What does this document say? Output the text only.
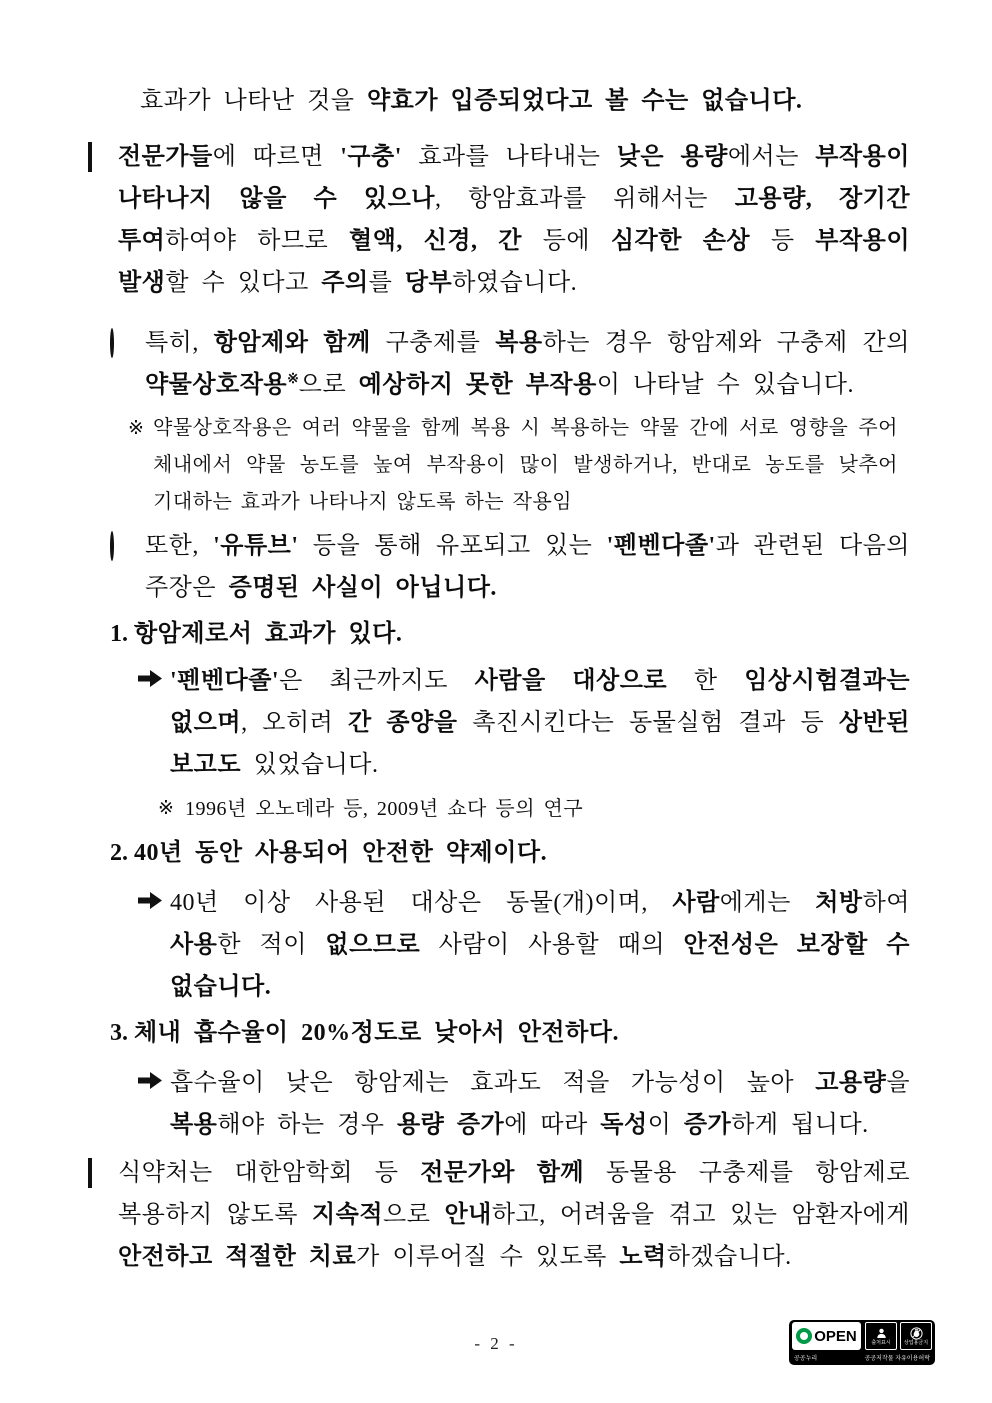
효과가 나타난 것을 약효가 입증되었다고 볼 수는 없습니다.
전문가들에 따르면 '구충' 효과를 나타내는 낮은 용량에서는 부작용이 나타나지 않을 수 있으나, 항암효과를 위해서는 고용량, 장기간 투여하여야 하므로 혈액, 신경, 간 등에 심각한 손상 등 부작용이 발생할 수 있다고 주의를 당부하였습니다.
특히, 항암제와 함께 구충제를 복용하는 경우 항암제와 구충제 간의 약물상호작용※으로 예상하지 못한 부작용이 나타날 수 있습니다.
※ 약물상호작용은 여러 약물을 함께 복용 시 복용하는 약물 간에 서로 영향을 주어 체내에서 약물 농도를 높여 부작용이 많이 발생하거나, 반대로 농도를 낮추어 기대하는 효과가 나타나지 않도록 하는 작용임
또한, '유튜브' 등을 통해 유포되고 있는 '펜벤다졸'과 관련된 다음의 주장은 증명된 사실이 아닙니다.
1. 항암제로서 효과가 있다.
'펜벤다졸'은 최근까지도 사람을 대상으로 한 임상시험결과는 없으며, 오히려 간 종양을 촉진시킨다는 동물실험 결과 등 상반된 보고도 있었습니다.
※ 1996년 오노데라 등, 2009년 쇼다 등의 연구
2. 40년 동안 사용되어 안전한 약제이다.
40년 이상 사용된 대상은 동물(개)이며, 사람에게는 처방하여 사용한 적이 없으므로 사람이 사용할 때의 안전성은 보장할 수 없습니다.
3. 체내 흡수율이 20%정도로 낮아서 안전하다.
흡수율이 낮은 항암제는 효과도 적을 가능성이 높아 고용량을 복용해야 하는 경우 용량 증가에 따라 독성이 증가하게 됩니다.
식약처는 대한암학회 등 전문가와 함께 동물용 구충제를 항암제로 복용하지 않도록 지속적으로 안내하고, 어려움을 겪고 있는 암환자에게 안전하고 적절한 치료가 이루어질 수 있도록 노력하겠습니다.
- 2 -	OPEN	출처표시	상업용금지
공공누리	공공저작물 자유이용허락
